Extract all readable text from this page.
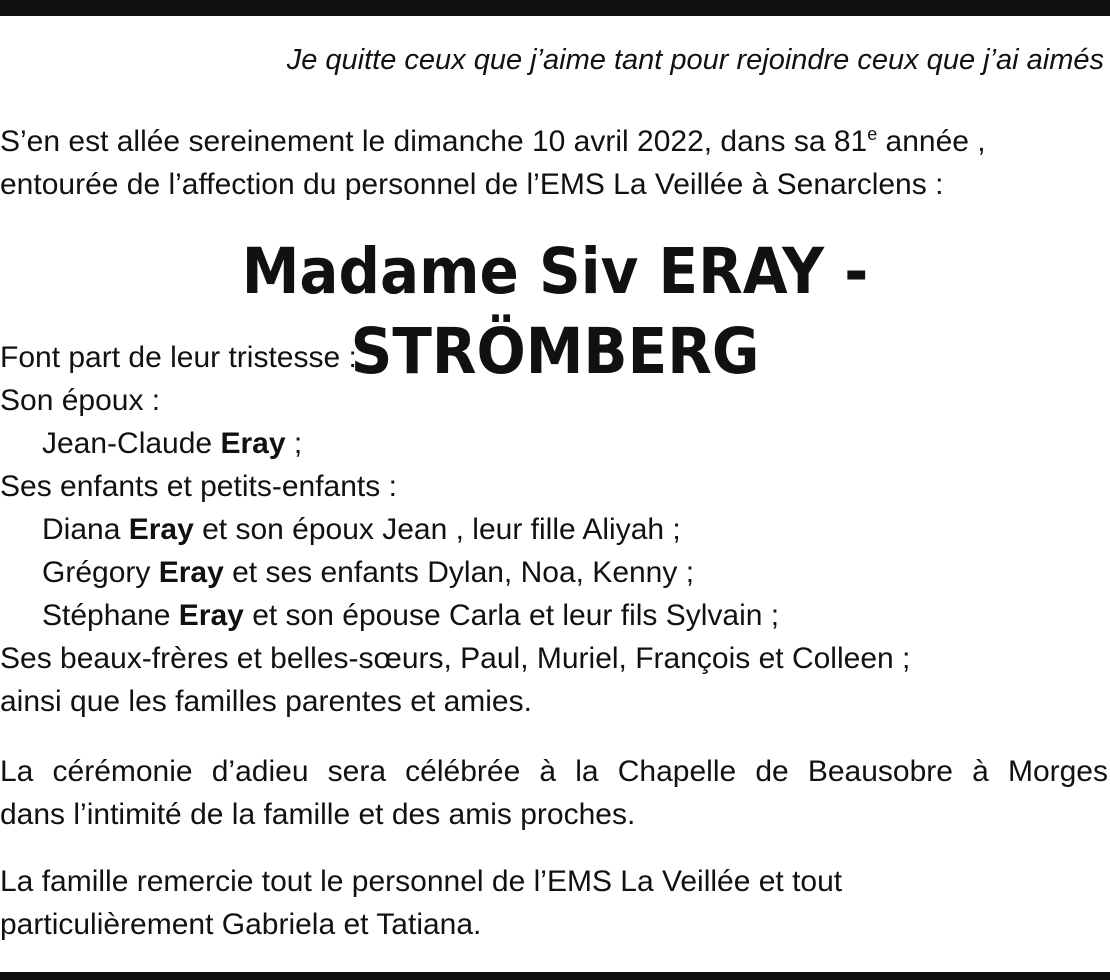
Je quitte ceux que j’aime tant pour rejoindre ceux que j’ai aimés
S’en est allée sereinement le dimanche 10 avril 2022, dans sa 81e année ,
entourée de l’affection du personnel de l’EMS La Veillée à Senarclens :
Madame Siv ERAY - STRÖMBERG
Font part de leur tristesse :
Son époux :
Jean-Claude Eray ;
Ses enfants et petits-enfants :
Diana Eray et son époux Jean , leur fille Aliyah ;
Grégory Eray et ses enfants Dylan, Noa, Kenny ;
Stéphane Eray et son épouse Carla et leur fils Sylvain ;
Ses beaux-frères et belles-sœurs, Paul, Muriel, François et Colleen ;
ainsi que les familles parentes et amies.
La cérémonie d’adieu sera célébrée à la Chapelle de Beausobre à Morges
dans l’intimité de la famille et des amis proches.
La famille remercie tout le personnel de l’EMS La Veillée et tout
particulièrement Gabriela et Tatiana.
